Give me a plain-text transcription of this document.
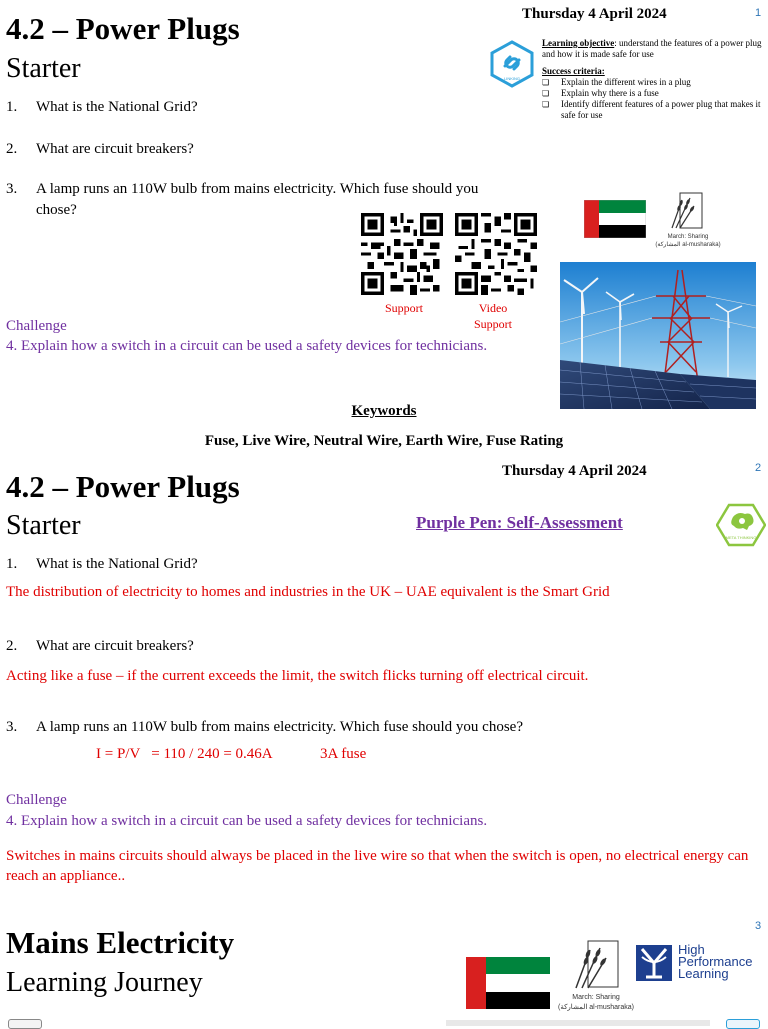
1
Thursday 4 April 2024
4.2 – Power Plugs
Starter	LINKING
Learning objective: understand the features of a power plug and how it is made safe for use
Success criteria:
❏ Explain the different wires in a plug
❏ Explain why there is a fuse
❏ Identify different features of a power plug that makes it safe for use
1. What is the National Grid?
2. What are circuit breakers?
3. A lamp runs an 110W bulb from mains electricity. Which fuse should you chose?
Support	Video Support
March: Sharing
(المشاركة al-musharaka)
Challenge
4. Explain how a switch in a circuit can be used a safety devices for technicians.
Keywords
Fuse, Live Wire, Neutral Wire, Earth Wire, Fuse Rating
2
Thursday 4 April 2024
4.2 – Power Plugs
Starter	Purple Pen: Self-Assessment
META THINKING
1. What is the National Grid?
The distribution of electricity to homes and industries in the UK – UAE equivalent is the Smart Grid
2. What are circuit breakers?
Acting like a fuse – if the current exceeds the limit, the switch flicks turning off electrical circuit.
3. A lamp runs an 110W bulb from mains electricity. Which fuse should you chose?
I = P/V   = 110 / 240 = 0.46A	3A fuse
Challenge
4. Explain how a switch in a circuit can be used a safety devices for technicians.
Switches in mains circuits should always be placed in the live wire so that when the switch is open, no electrical energy can reach an appliance..
3
Mains Electricity
Learning Journey	March: Sharing
(المشاركة al-musharaka)
High
Performance
Learning
